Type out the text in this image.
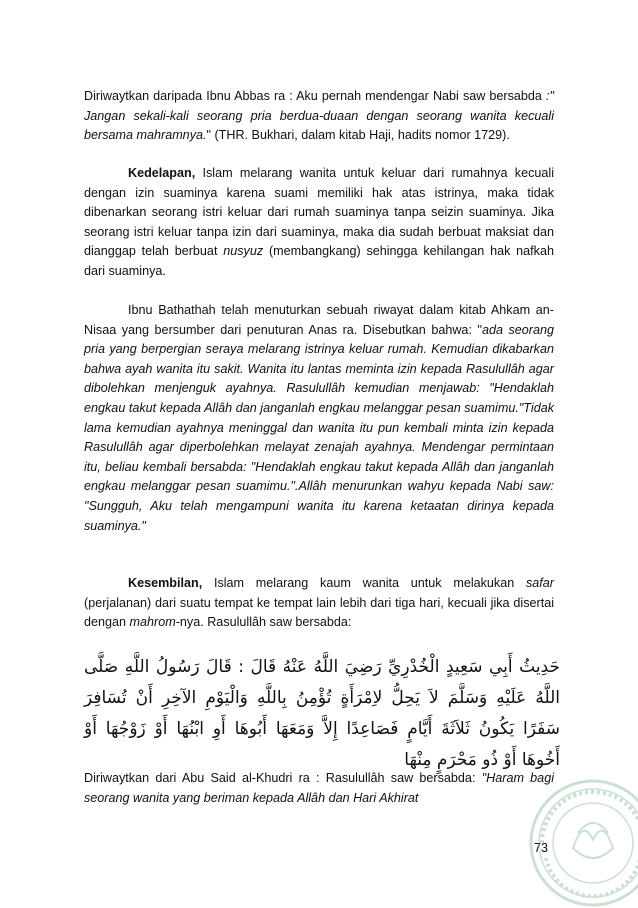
Diriwaytkan daripada Ibnu Abbas ra : Aku pernah mendengar Nabi saw bersabda :" Jangan sekali-kali seorang pria berdua-duaan dengan seorang wanita kecuali bersama mahramnya." (THR. Bukhari, dalam kitab Haji, hadits nomor 1729).

Kedelapan, Islam melarang wanita untuk keluar dari rumahnya kecuali dengan izin suaminya karena suami memiliki hak atas istrinya, maka tidak dibenarkan seorang istri keluar dari rumah suaminya tanpa seizin suaminya. Jika seorang istri keluar tanpa izin dari suaminya, maka dia sudah berbuat maksiat dan dianggap telah berbuat nusyuz (membangkang) sehingga kehilangan hak nafkah dari suaminya.

Ibnu Bathathah telah menuturkan sebuah riwayat dalam kitab Ahkam an-Nisaa yang bersumber dari penuturan Anas ra. Disebutkan bahwa: "ada seorang pria yang berpergian seraya melarang istrinya keluar rumah. Kemudian dikabarkan bahwa ayah wanita itu sakit. Wanita itu lantas meminta izin kepada Rasulullâh agar dibolehkan menjenguk ayahnya. Rasulullâh kemudian menjawab: "Hendaklah engkau takut kepada Allâh dan janganlah engkau melanggar pesan suamimu."Tidak lama kemudian ayahnya meninggal dan wanita itu pun kembali minta izin kepada Rasulullâh agar diperbolehkan melayat zenajah ayahnya. Mendengar permintaan itu, beliau kembali bersabda: "Hendaklah engkau takut kepada Allâh dan janganlah engkau melanggar pesan suamimu.".Allâh menurunkan wahyu kepada Nabi saw: "Sungguh, Aku telah mengampuni wanita itu karena ketaatan dirinya kepada suaminya."

Kesembilan, Islam melarang kaum wanita untuk melakukan safar (perjalanan) dari suatu tempat ke tempat lain lebih dari tiga hari, kecuali jika disertai dengan mahrom-nya. Rasulullâh saw bersabda:

حَدِيثُ أَبِي سَعِيدٍ الْخُدْرِيِّ رَضِيَ اللَّهُ عَنْهُ قَالَ : قَالَ رَسُولُ اللَّهِ صَلَّى اللَّهُ عَلَيْهِ وَسَلَّمَ لاَ يَحِلُّ لاِمْرَأَةٍ تُؤْمِنُ بِاللَّهِ وَالْيَوْمِ الآخِرِ أَنْ تُسَافِرَ سَفَرًا يَكُونُ ثَلاَثَةَ أَيَّامٍ فَصَاعِدًا إِلاَّ وَمَعَهَا أَبُوهَا أَوِ ابْنُهَا أَوْ زَوْجُهَا أَوْ أَخُوهَا أَوْ ذُو مَحْرَمٍ مِنْهَا

Diriwaytkan dari Abu Said al-Khudri ra : Rasulullâh saw bersabda: "Haram bagi seorang wanita yang beriman kepada Allâh dan Hari Akhirat

73
